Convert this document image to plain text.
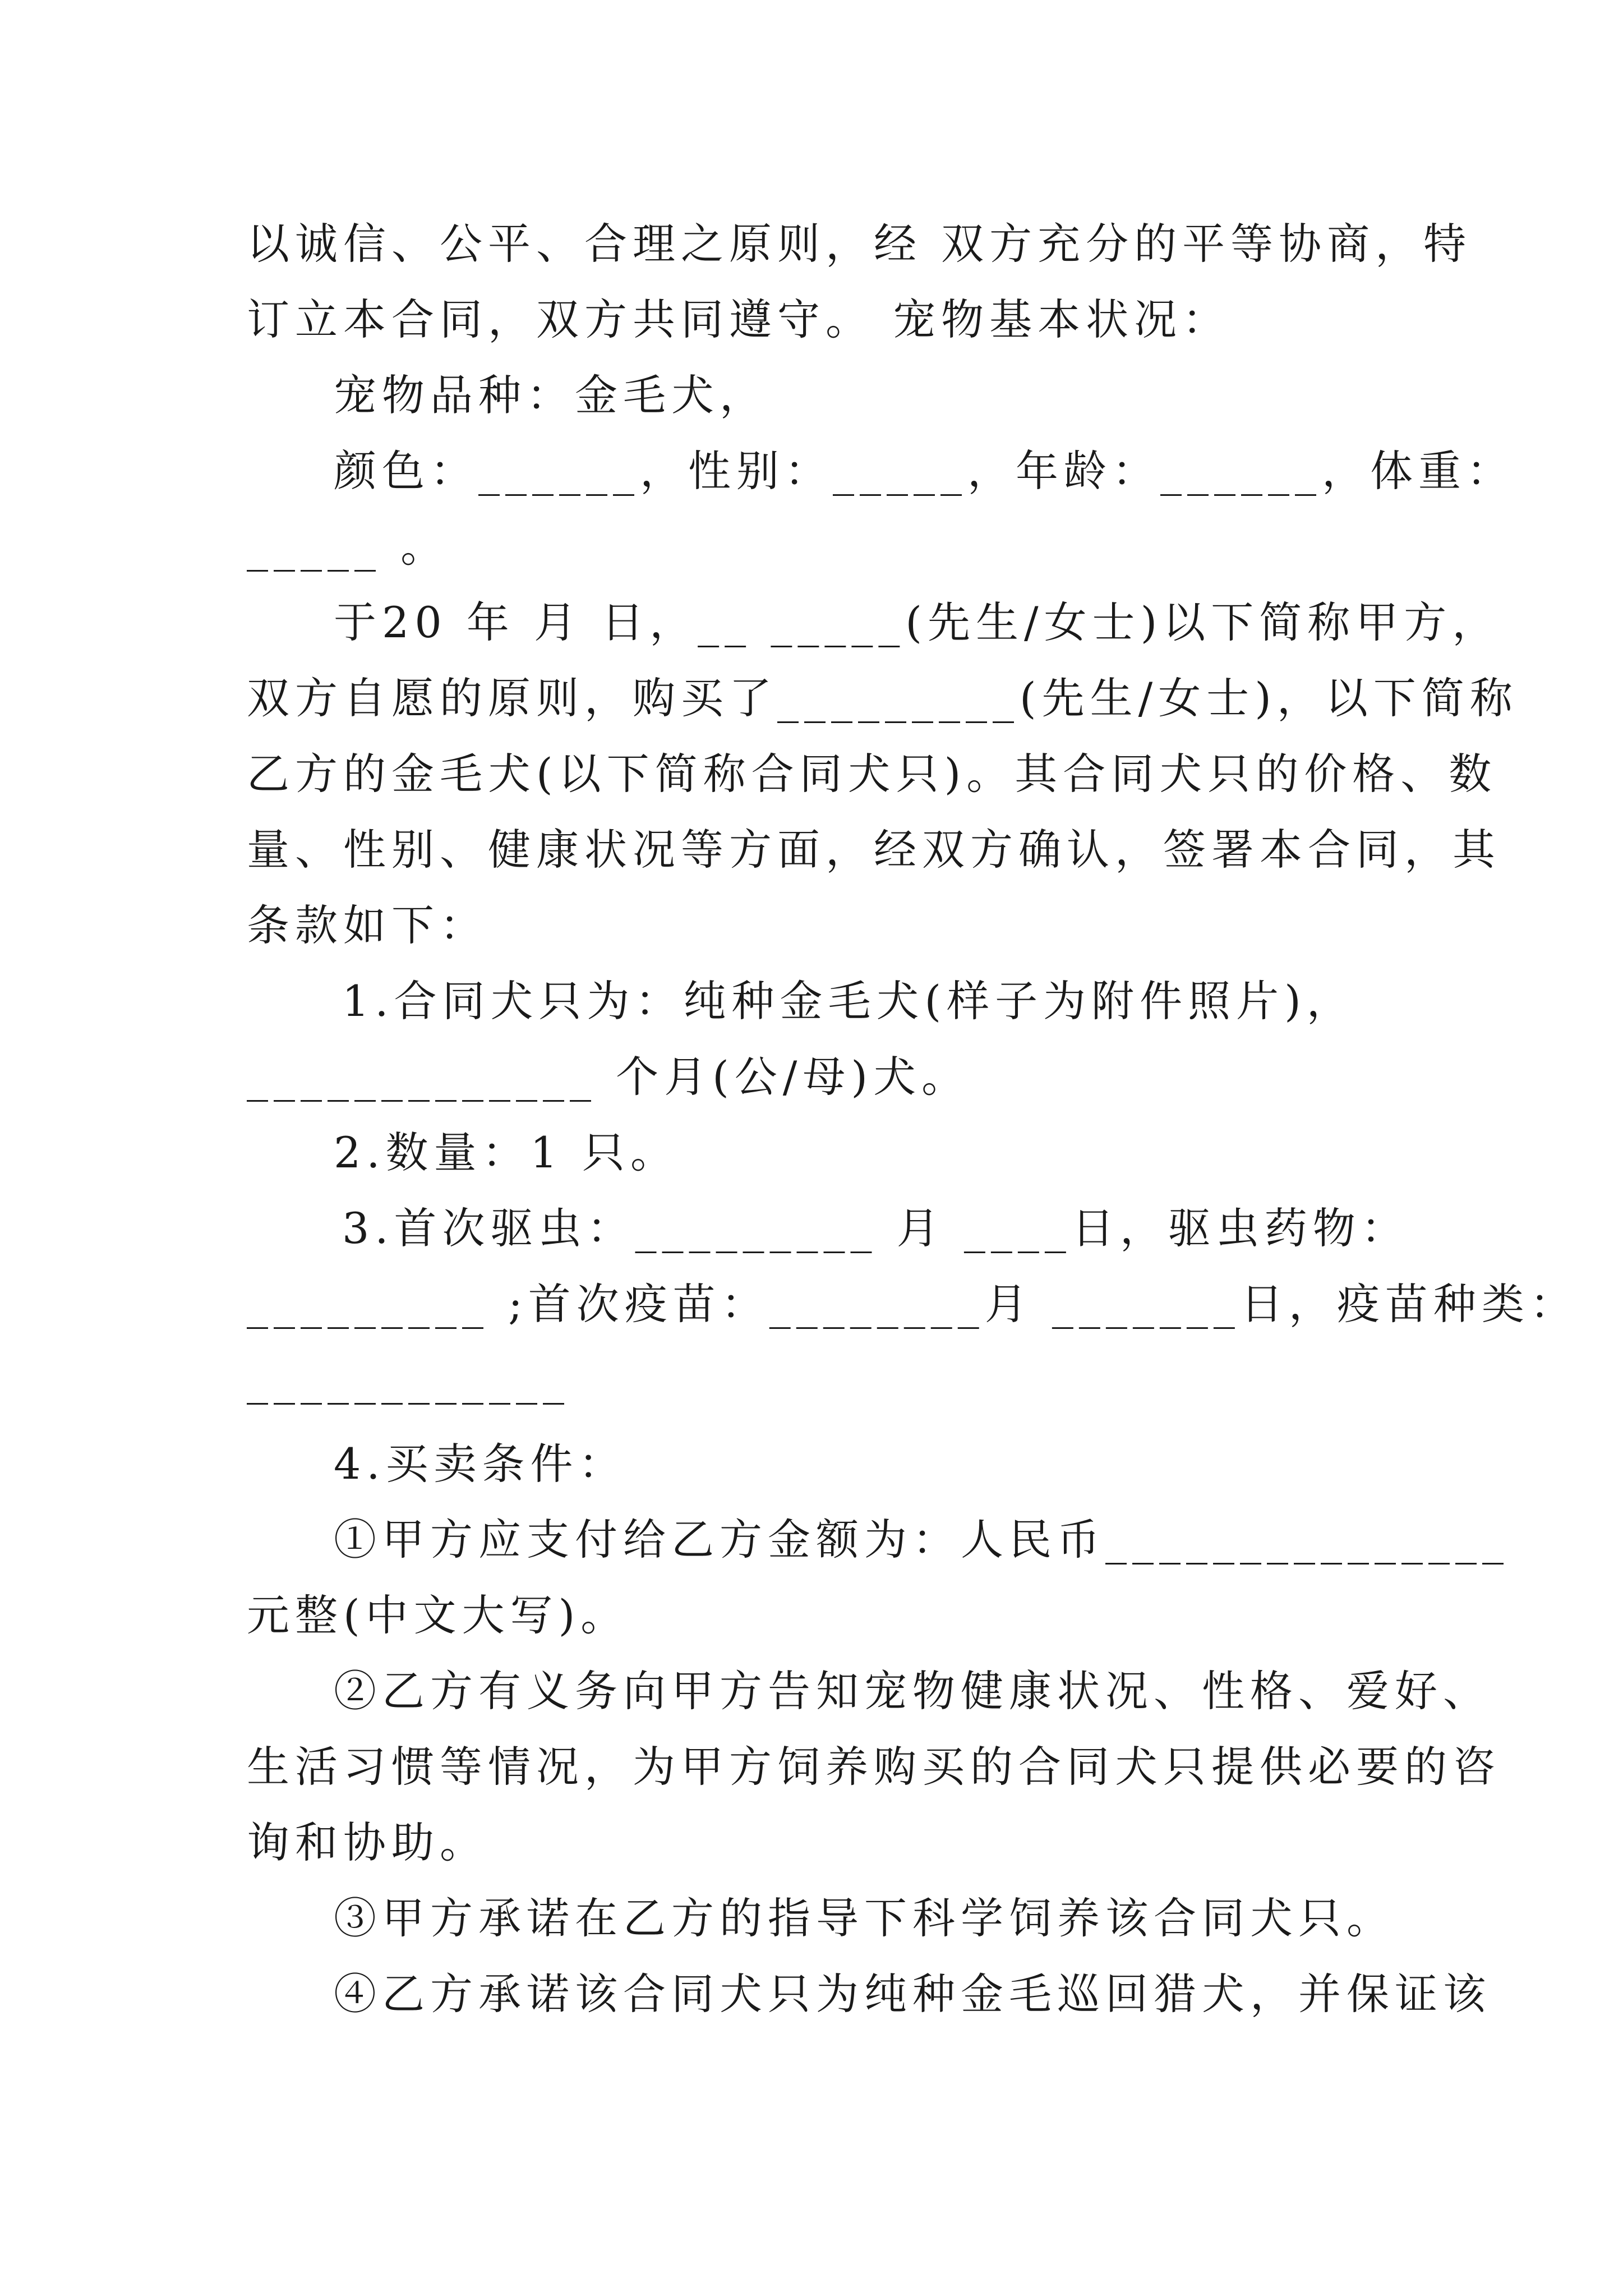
以诚信、公平、合理之原则，经 双方充分的平等协商，特
订立本合同，双方共同遵守。 宠物基本状况：
宠物品种：金毛犬，
颜色：______，性别：_____，年龄：______，体重：
_____ 。
于20 年 月 日，__ _____(先生/女士)以下简称甲方，
双方自愿的原则，购买了_________(先生/女士)，以下简称
乙方的金毛犬(以下简称合同犬只)。其合同犬只的价格、数
量、性别、健康状况等方面，经双方确认，签署本合同，其
条款如下：
1.合同犬只为：纯种金毛犬(样子为附件照片)，
_____________ 个月(公/母)犬。
2.数量：1 只。
3.首次驱虫：_________ 月 ____日，驱虫药物：
_________ ;首次疫苗：________月 _______日，疫苗种类：
____________
4.买卖条件：
①甲方应支付给乙方金额为：人民币_______________
元整(中文大写)。
②乙方有义务向甲方告知宠物健康状况、性格、爱好、
生活习惯等情况，为甲方饲养购买的合同犬只提供必要的咨
询和协助。
③甲方承诺在乙方的指导下科学饲养该合同犬只。
④乙方承诺该合同犬只为纯种金毛巡回猎犬，并保证该
